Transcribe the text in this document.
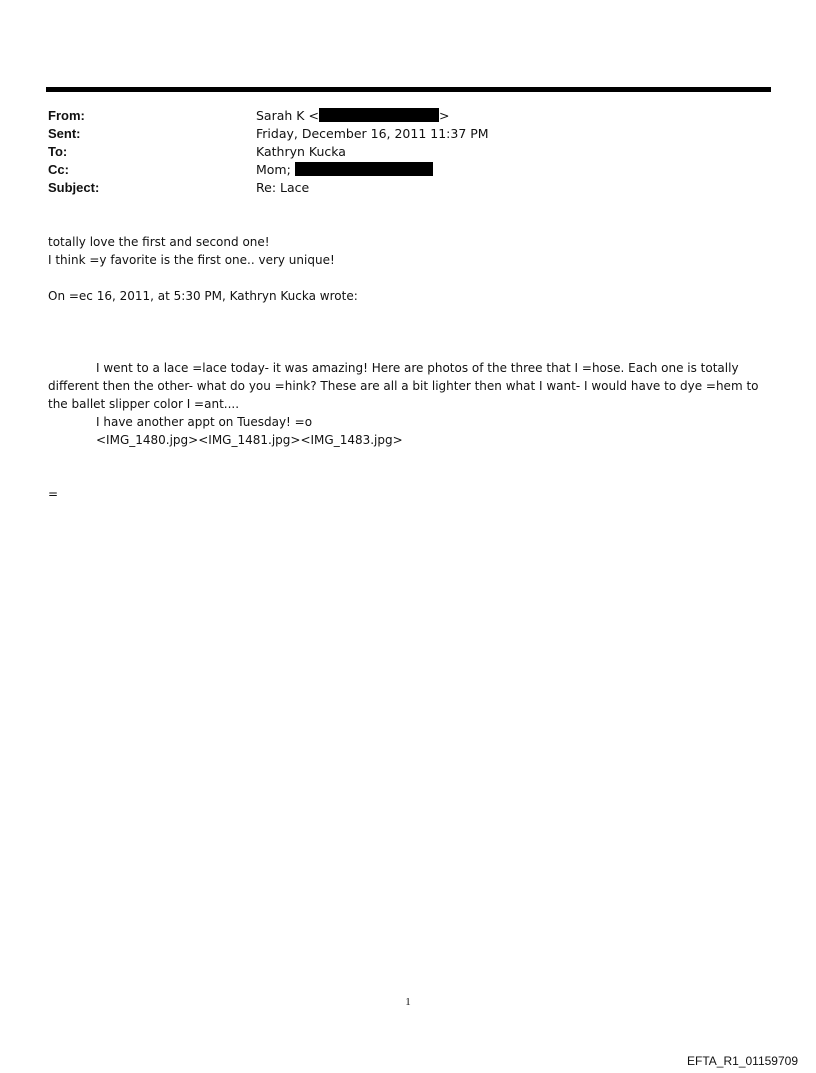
From:	Sarah K <	>
Sent:	Friday, December 16, 2011 11:37 PM
To:	Kathryn Kucka
Cc:	Mom;
Subject:	Re: Lace
totally love the first and second one!
I think =y favorite is the first one.. very unique!
On =ec 16, 2011, at 5:30 PM, Kathryn Kucka wrote:
I went to a lace =lace today- it was amazing! Here are photos of the three that I =hose. Each one is totally different then the other- what do you =hink? These are all a bit lighter then what I want- I would have to dye =hem to the ballet slipper color I =ant....
I have another appt on Tuesday! =o
<IMG_1480.jpg><IMG_1481.jpg><IMG_1483.jpg>
=
1
EFTA_R1_01159709
